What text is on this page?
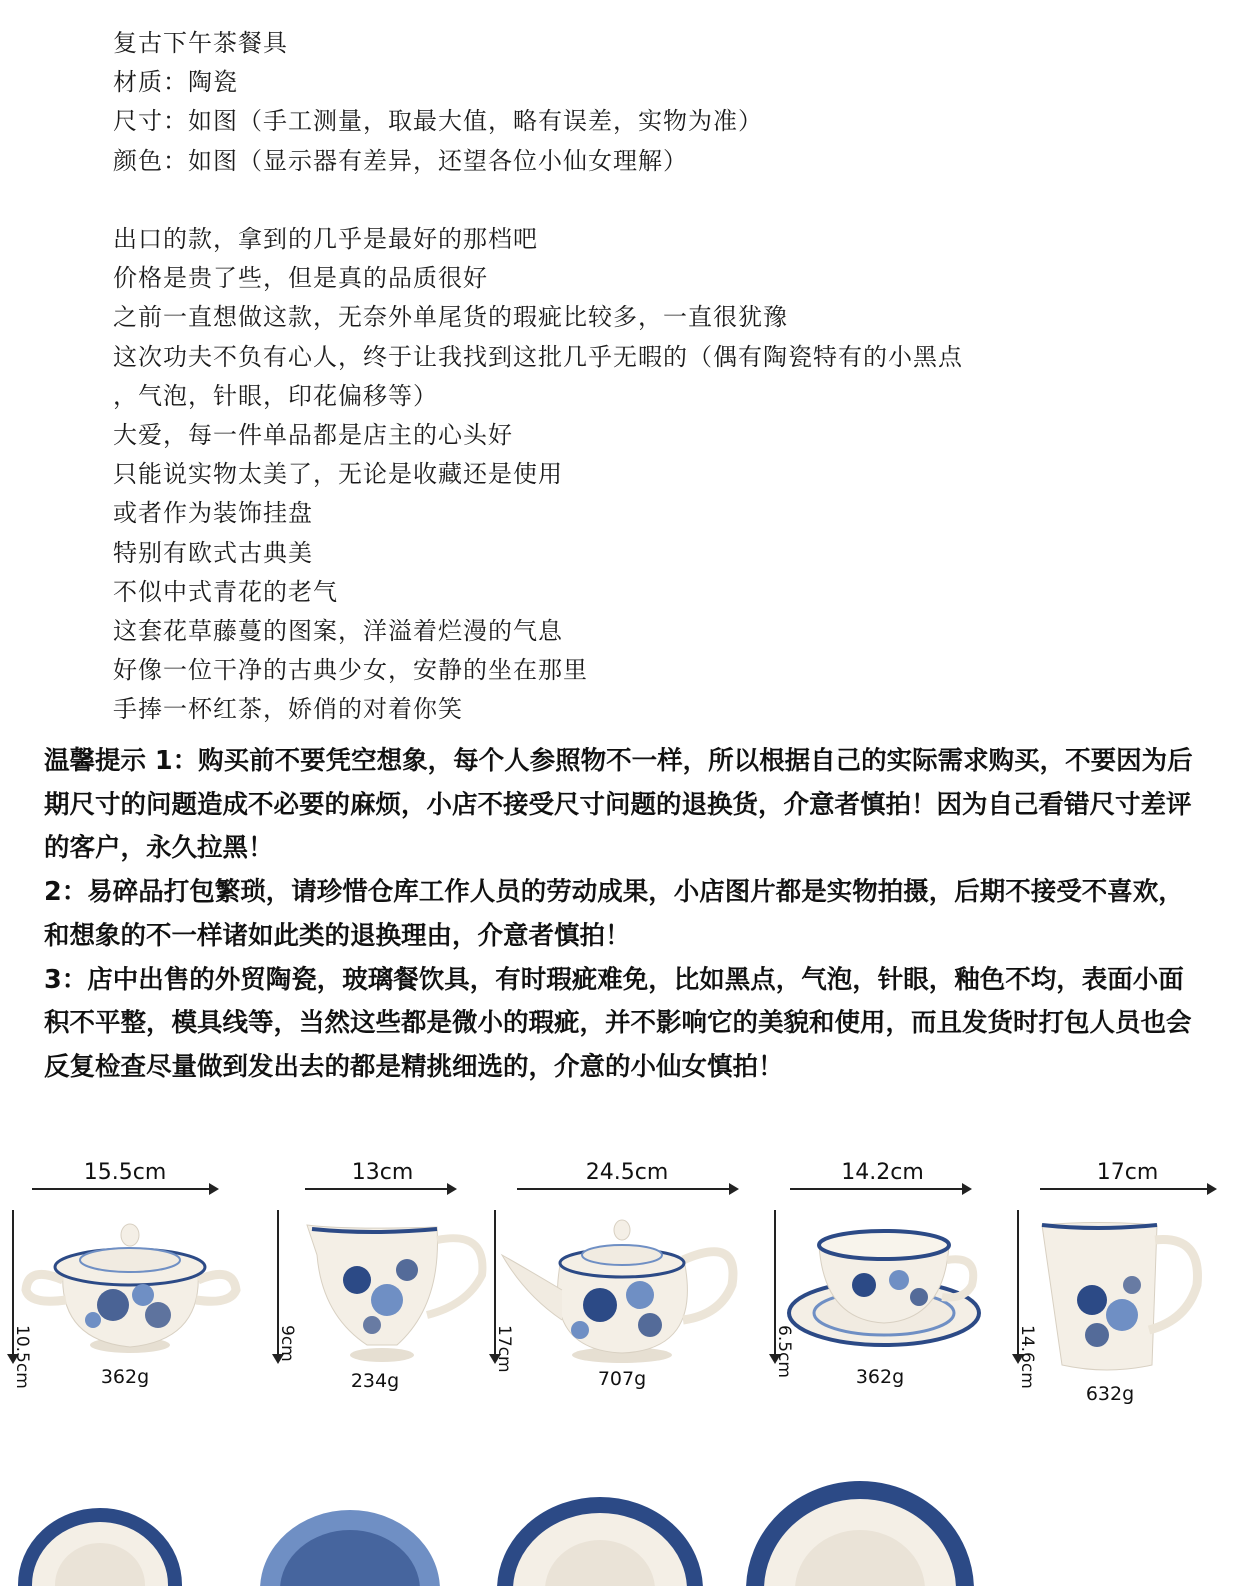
复古下午茶餐具
材质：陶瓷
尺寸：如图（手工测量，取最大值，略有误差，实物为准）
颜色：如图（显示器有差异，还望各位小仙女理解）
出口的款，拿到的几乎是最好的那档吧
价格是贵了些，但是真的品质很好
之前一直想做这款，无奈外单尾货的瑕疵比较多，一直很犹豫
这次功夫不负有心人，终于让我找到这批几乎无暇的（偶有陶瓷特有的小黑点
，气泡，针眼，印花偏移等）
大爱，每一件单品都是店主的心头好
只能说实物太美了，无论是收藏还是使用
或者作为装饰挂盘
特别有欧式古典美
不似中式青花的老气
这套花草藤蔓的图案，洋溢着烂漫的气息
好像一位干净的古典少女，安静的坐在那里
手捧一杯红茶，娇俏的对着你笑

温馨提示 1：购买前不要凭空想象，每个人参照物不一样，所以根据自己的实际需求购买，不要因为后期尺寸的问题造成不必要的麻烦，小店不接受尺寸问题的退换货，介意者慎拍！因为自己看错尺寸差评的客户，永久拉黑！

2：易碎品打包繁琐，请珍惜仓库工作人员的劳动成果，小店图片都是实物拍摄，后期不接受不喜欢，和想象的不一样诸如此类的退换理由，介意者慎拍！

3：店中出售的外贸陶瓷，玻璃餐饮具，有时瑕疵难免，比如黑点，气泡，针眼，釉色不均，表面小面积不平整，模具线等，当然这些都是微小的瑕疵，并不影响它的美貌和使用，而且发货时打包人员也会反复检查尽量做到发出去的都是精挑细选的，介意的小仙女慎拍！

15.5cm
10.5cm	362g
13cm
9cm
234g
24.5cm
17cm
707g
14.2cm
6.5cm	362g
17cm
14.6cm
632g
